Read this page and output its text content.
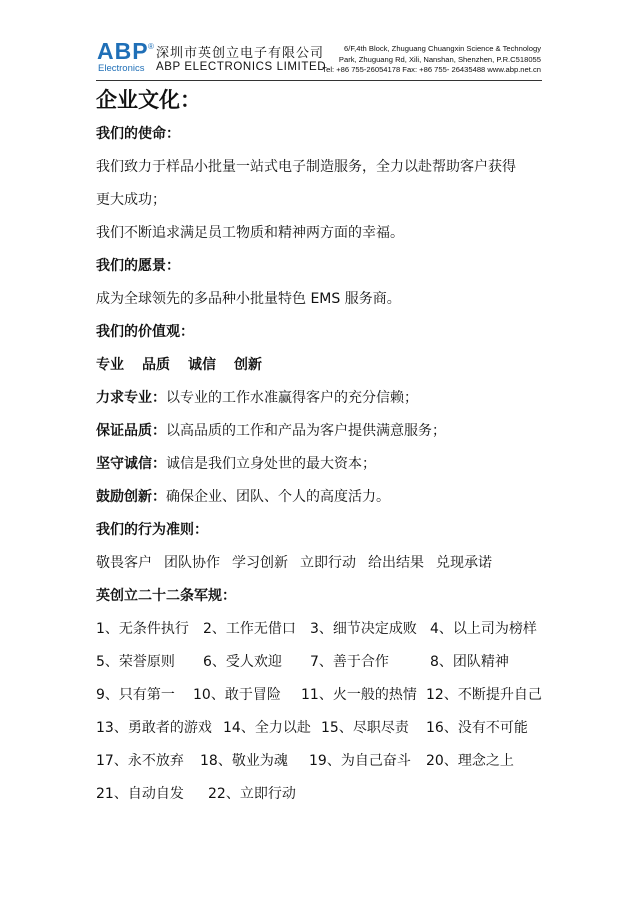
ABP ®
Electronics
深圳市英创立电子有限公司
ABP ELECTRONICS LIMITED
6/F,4th Block, Zhuguang Chuangxin Science & Technology
Park, Zhuguang Rd, Xili, Nanshan, Shenzhen, P.R.C518055
Tel: +86 755-26054178 Fax: +86 755- 26435488 www.abp.net.cn
企业文化：
我们的使命：
我们致力于样品小批量一站式电子制造服务，全力以赴帮助客户获得
更大成功；
我们不断追求满足员工物质和精神两方面的幸福。
我们的愿景：
成为全球领先的多品种小批量特色 EMS 服务商。
我们的价值观：
专业 品质 诚信 创新
力求专业：以专业的工作水准赢得客户的充分信赖；
保证品质：以高品质的工作和产品为客户提供满意服务；
坚守诚信：诚信是我们立身处世的最大资本；
鼓励创新：确保企业、团队、个人的高度活力。
我们的行为准则：
敬畏客户 团队协作 学习创新 立即行动 给出结果 兑现承诺
英创立二十二条军规：
1、无条件执行 2、工作无借口 3、细节决定成败 4、以上司为榜样
5、荣誉原则 6、受人欢迎 7、善于合作	8、团队精神
9、只有第一 10、敢于冒险 11、火一般的热情 12、不断提升自己
13、勇敢者的游戏 14、全力以赴 15、尽职尽责 16、没有不可能
17、永不放弃 18、敬业为魂 19、为自己奋斗 20、理念之上
21、自动自发 22、立即行动
